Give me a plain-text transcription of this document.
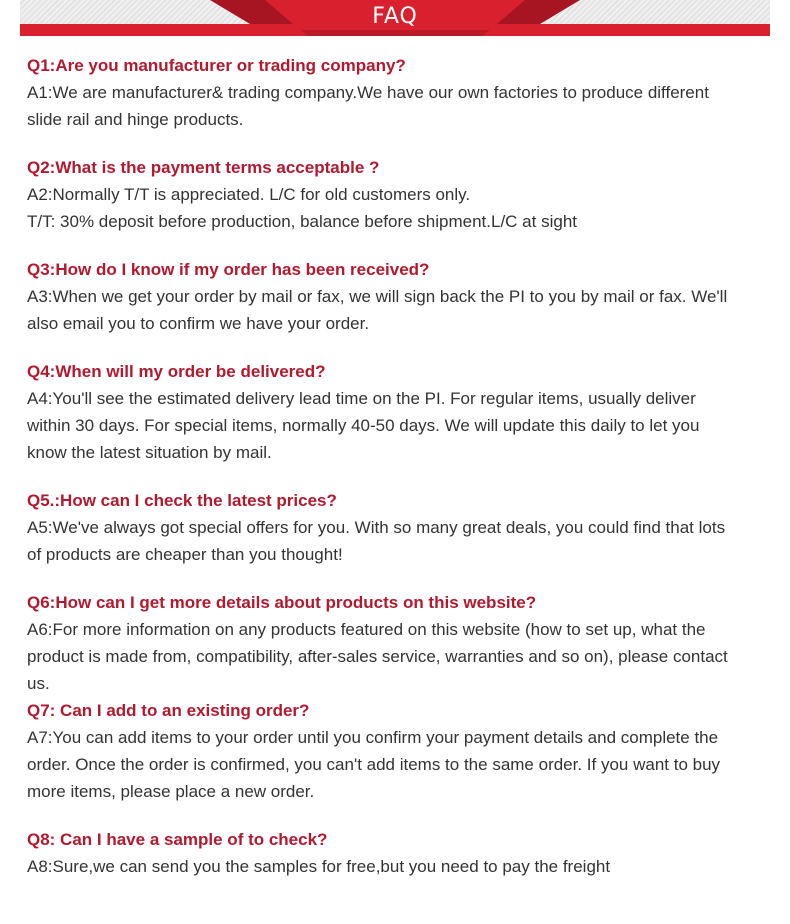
FAQ
Q1:Are you manufacturer or trading company?
A1:We are manufacturer& trading company.We have our own factories to produce different
slide rail and hinge products.
Q2:What is the payment terms acceptable ?
A2:Normally T/T is appreciated. L/C for old customers only.
T/T: 30% deposit before production, balance before shipment.L/C at sight
Q3:How do I know if my order has been received?
A3:When we get your order by mail or fax, we will sign back the PI to you by mail or fax. We'll
also email you to confirm we have your order.
Q4:When will my order be delivered?
A4:You'll see the estimated delivery lead time on the PI. For regular items, usually deliver
within 30 days. For special items, normally 40-50 days. We will update this daily to let you
know the latest situation by mail.
Q5.:How can I check the latest prices?
A5:We've always got special offers for you. With so many great deals, you could find that lots
of products are cheaper than you thought!
Q6:How can I get more details about products on this website?
A6:For more information on any products featured on this website (how to set up, what the
product is made from, compatibility, after-sales service, warranties and so on), please contact
us.
Q7: Can I add to an existing order?
A7:You can add items to your order until you confirm your payment details and complete the
order. Once the order is confirmed, you can't add items to the same order. If you want to buy
more items, please place a new order.
Q8: Can I have a sample of to check?
A8:Sure,we can send you the samples for free,but you need to pay the freight
